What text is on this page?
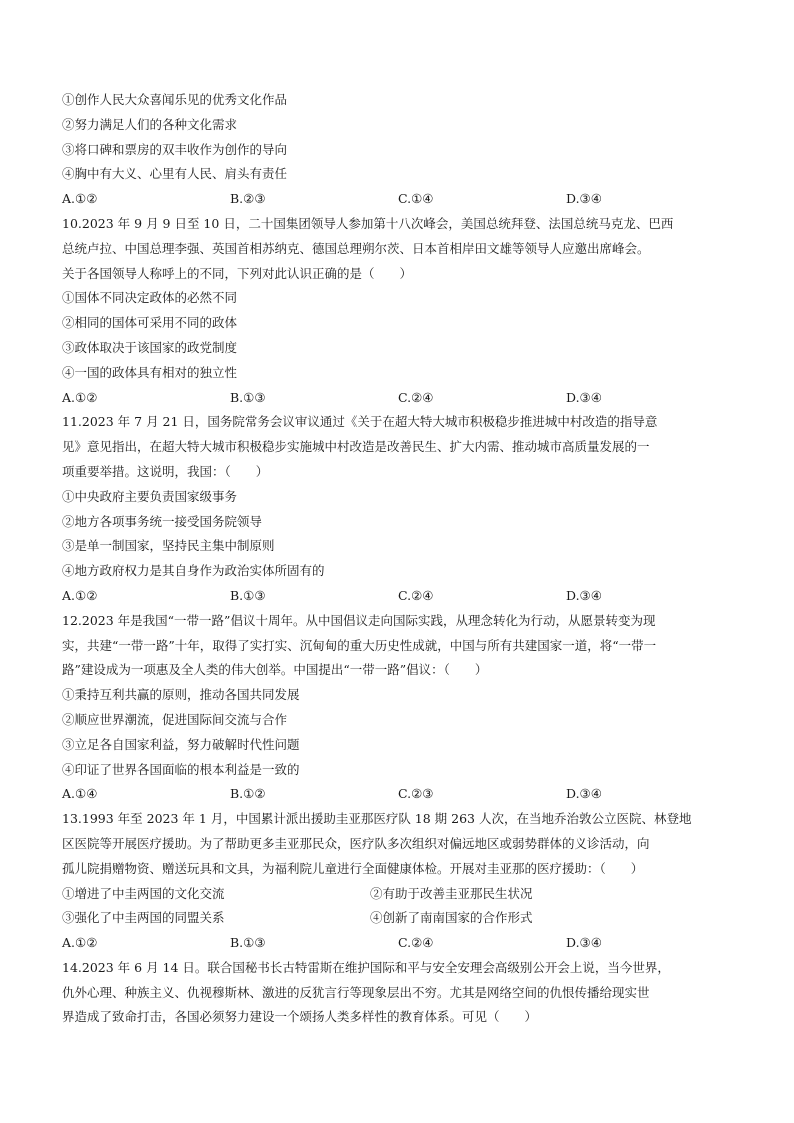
①创作人民大众喜闻乐见的优秀文化作品
②努力满足人们的各种文化需求
③将口碑和票房的双丰收作为创作的导向
④胸中有大义、心里有人民、肩头有责任
A.①②	B.②③	C.①④	D.③④
10.2023 年 9 月 9 日至 10 日，二十国集团领导人参加第十八次峰会，美国总统拜登、法国总统马克龙、巴西
总统卢拉、中国总理李强、英国首相苏纳克、德国总理朔尔茨、日本首相岸田文雄等领导人应邀出席峰会。
关于各国领导人称呼上的不同，下列对此认识正确的是（　　）
①国体不同决定政体的必然不同
②相同的国体可采用不同的政体
③政体取决于该国家的政党制度
④一国的政体具有相对的独立性
A.①②	B.①③	C.②④	D.③④
11.2023 年 7 月 21 日，国务院常务会议审议通过《关于在超大特大城市积极稳步推进城中村改造的指导意
见》意见指出，在超大特大城市积极稳步实施城中村改造是改善民生、扩大内需、推动城市高质量发展的一
项重要举措。这说明，我国：（　　）
①中央政府主要负责国家级事务
②地方各项事务统一接受国务院领导
③是单一制国家，坚持民主集中制原则
④地方政府权力是其自身作为政治实体所固有的
A.①②	B.①③	C.②④	D.③④
12.2023 年是我国“一带一路”倡议十周年。从中国倡议走向国际实践，从理念转化为行动，从愿景转变为现
实，共建“一带一路”十年，取得了实打实、沉甸甸的重大历史性成就，中国与所有共建国家一道，将“一带一
路”建设成为一项惠及全人类的伟大创举。中国提出“一带一路”倡议：（　　）
①秉持互利共赢的原则，推动各国共同发展
②顺应世界潮流，促进国际间交流与合作
③立足各自国家利益，努力破解时代性问题
④印证了世界各国面临的根本利益是一致的
A.①④	B.①②	C.②③	D.③④
13.1993 年至 2023 年 1 月，中国累计派出援助圭亚那医疗队 18 期 263 人次，在当地乔治敦公立医院、林登地
区医院等开展医疗援助。为了帮助更多圭亚那民众，医疗队多次组织对偏远地区或弱势群体的义诊活动，向
孤儿院捐赠物资、赠送玩具和文具，为福利院儿童进行全面健康体检。开展对圭亚那的医疗援助：（　　）
①增进了中圭两国的文化交流	②有助于改善圭亚那民生状况
③强化了中圭两国的同盟关系	④创新了南南国家的合作形式
A.①②	B.①③	C.②④	D.③④
14.2023 年 6 月 14 日。联合国秘书长古特雷斯在维护国际和平与安全安理会高级别公开会上说，当今世界，
仇外心理、种族主义、仇视穆斯林、激进的反犹言行等现象层出不穷。尤其是网络空间的仇恨传播给现实世
界造成了致命打击，各国必须努力建设一个颂扬人类多样性的教育体系。可见（　　）
